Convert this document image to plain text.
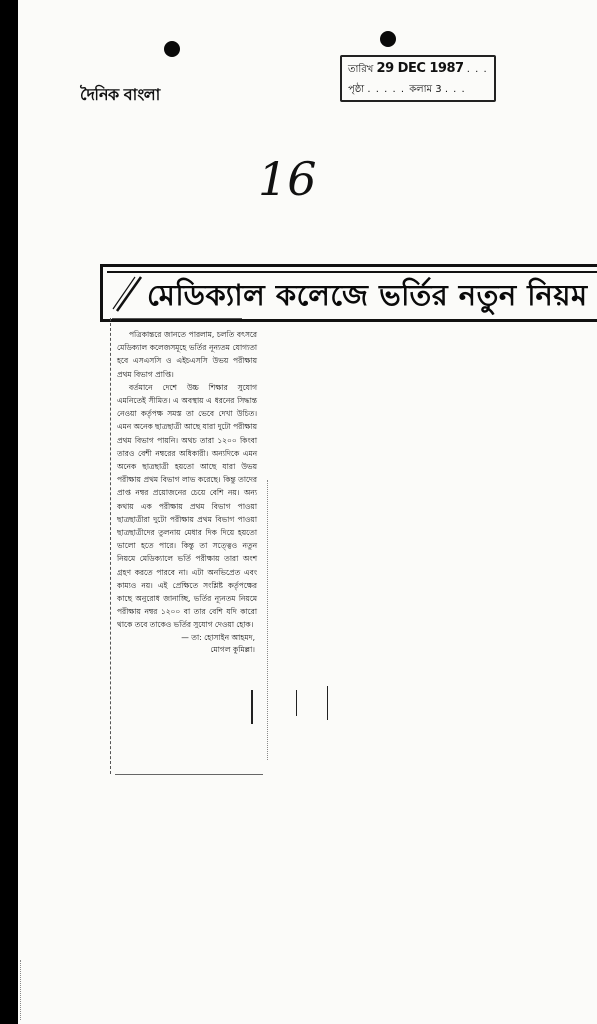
দৈনিক বাংলা
তারিখ 29 DEC 1987 . . .
পৃষ্ঠা . . . . . কলাম 3 . . .
16
মেডিক্যাল কলেজে ভর্তির নতুন নিয়ম

পত্রিকান্তরে জানতে পারলাম, চলতি বৎসরে মেডিক্যাল কলেজসমূহে ভর্তির নূন্যতম যোগ্যতা হবে এসএসসি ও এইচএসসি উভয় পরীক্ষায় প্রথম বিভাগ প্রাপ্তি।

বর্তমানে দেশে উচ্চ শিক্ষার সুযোগ এমনিতেই সীমিত। এ অবস্থায় এ ধরনের সিদ্ধান্ত নেওয়া কর্তৃপক্ষ সমস্ত তা ভেবে দেখা উচিত। এমন অনেক ছাত্রছাত্রী আছে যারা দুটো পরীক্ষায় প্রথম বিভাগ পায়নি। অথচ তারা ১২০০ কিংবা তারও বেশী নম্বরের অধিকারী। অন্যদিকে এমন অনেক ছাত্রছাত্রী হয়তো আছে যারা উভয় পরীক্ষায় প্রথম বিভাগ লাভ করেছে। কিন্তু তাদের প্রাপ্ত নম্বর প্রয়োজনের চেয়ে বেশি নয়। অন্য কথায় এক পরীক্ষায় প্রথম বিভাগ পাওয়া ছাত্রছাত্রীরা দুটো পরীক্ষায় প্রথম বিভাগ পাওয়া ছাত্রছাত্রীদের তুলনায় মেধার দিক দিয়ে হয়তো ভালো হতে পারে। কিন্তু তা সত্ত্বেও নতুন নিয়মে মেডিক্যালে ভর্তি পরীক্ষায় তারা অংশ গ্রহণ করতে পারবে না। এটা অনভিপ্রেত এবং কাম্যও নয়। এই প্রেক্ষিতে সংশ্লিষ্ট কর্তৃপক্ষের কাছে অনুরোধ জানাচ্ছি, ভর্তির ন্যূনতম নিয়মে পরীক্ষায় নম্বর ১২০০ বা তার বেশি যদি কারো থাকে তবে তাকেও ভর্তির সুযোগ দেওয়া হোক।

— তা: হোসাইন আহমদ,
মোগল কুমিল্লা।
